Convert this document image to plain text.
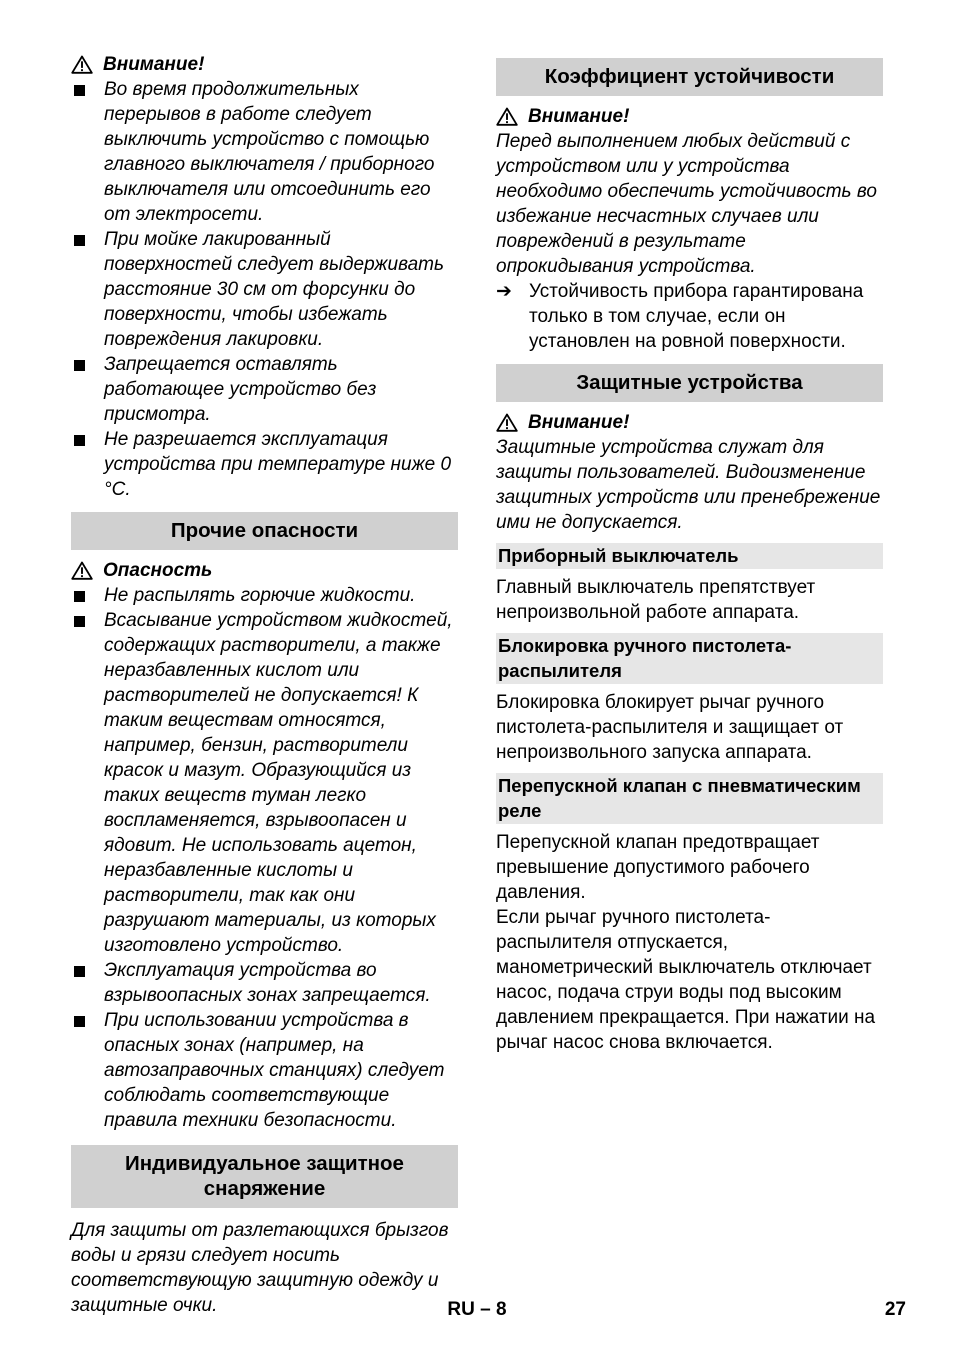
Внимание!
Во время продолжительных перерывов в работе следует выключить устройство с помощью главного выключателя / приборного выключателя или отсоединить его от электросети.
При мойке лакированный поверхностей следует выдерживать расстояние 30 см от форсунки до поверхности, чтобы избежать повреждения лакировки.
Запрещается оставлять работающее устройство без присмотра.
Не разрешается эксплуатация устройства при температуре ниже 0 °C.
Прочие опасности
Опасность
Не распылять горючие жидкости.
Всасывание устройством жидкостей, содержащих растворители, а также неразбавленных кислот или растворителей не допускается! К таким веществам относятся, например, бензин, растворители красок и мазут. Образующийся из таких веществ туман легко воспламеняется, взрывоопасен и ядовит. Не использовать ацетон, неразбавленные кислоты и растворители, так как они разрушают материалы, из которых изготовлено устройство.
Эксплуатация устройства во взрывоопасных зонах запрещается.
При использовании устройства в опасных зонах (например, на автозаправочных станциях) следует соблюдать соответствующие правила техники безопасности.
Индивидуальное защитное снаряжение

Для защиты от разлетающихся брызгов воды и грязи следует носить соответствующую защитную одежду и защитные очки.

Коэффициент устойчивости
Внимание!

Перед выполнением любых действий с устройством или у устройства необходимо обеспечить устойчивость во избежание несчастных случаев или повреждений в результате опрокидывания устройства.

➔ Устойчивость прибора гарантирована только в том случае, если он установлен на ровной поверхности.
Защитные устройства
Внимание!

Защитные устройства служат для защиты пользователей. Видоизменение защитных устройств или пренебрежение ими не допускается.

Приборный выключатель

Главный выключатель препятствует непроизвольной работе аппарата.

Блокировка ручного пистолета-распылителя

Блокировка блокирует рычаг ручного пистолета-распылителя и защищает от непроизвольного запуска аппарата.

Перепускной клапан с пневматическим реле

Перепускной клапан предотвращает превышение допустимого рабочего давления.

Если рычаг ручного пистолета-распылителя отпускается, манометрический выключатель отключает насос, подача струи воды под высоким давлением прекращается. При нажатии на рычаг насос снова включается.

RU – 8	27
